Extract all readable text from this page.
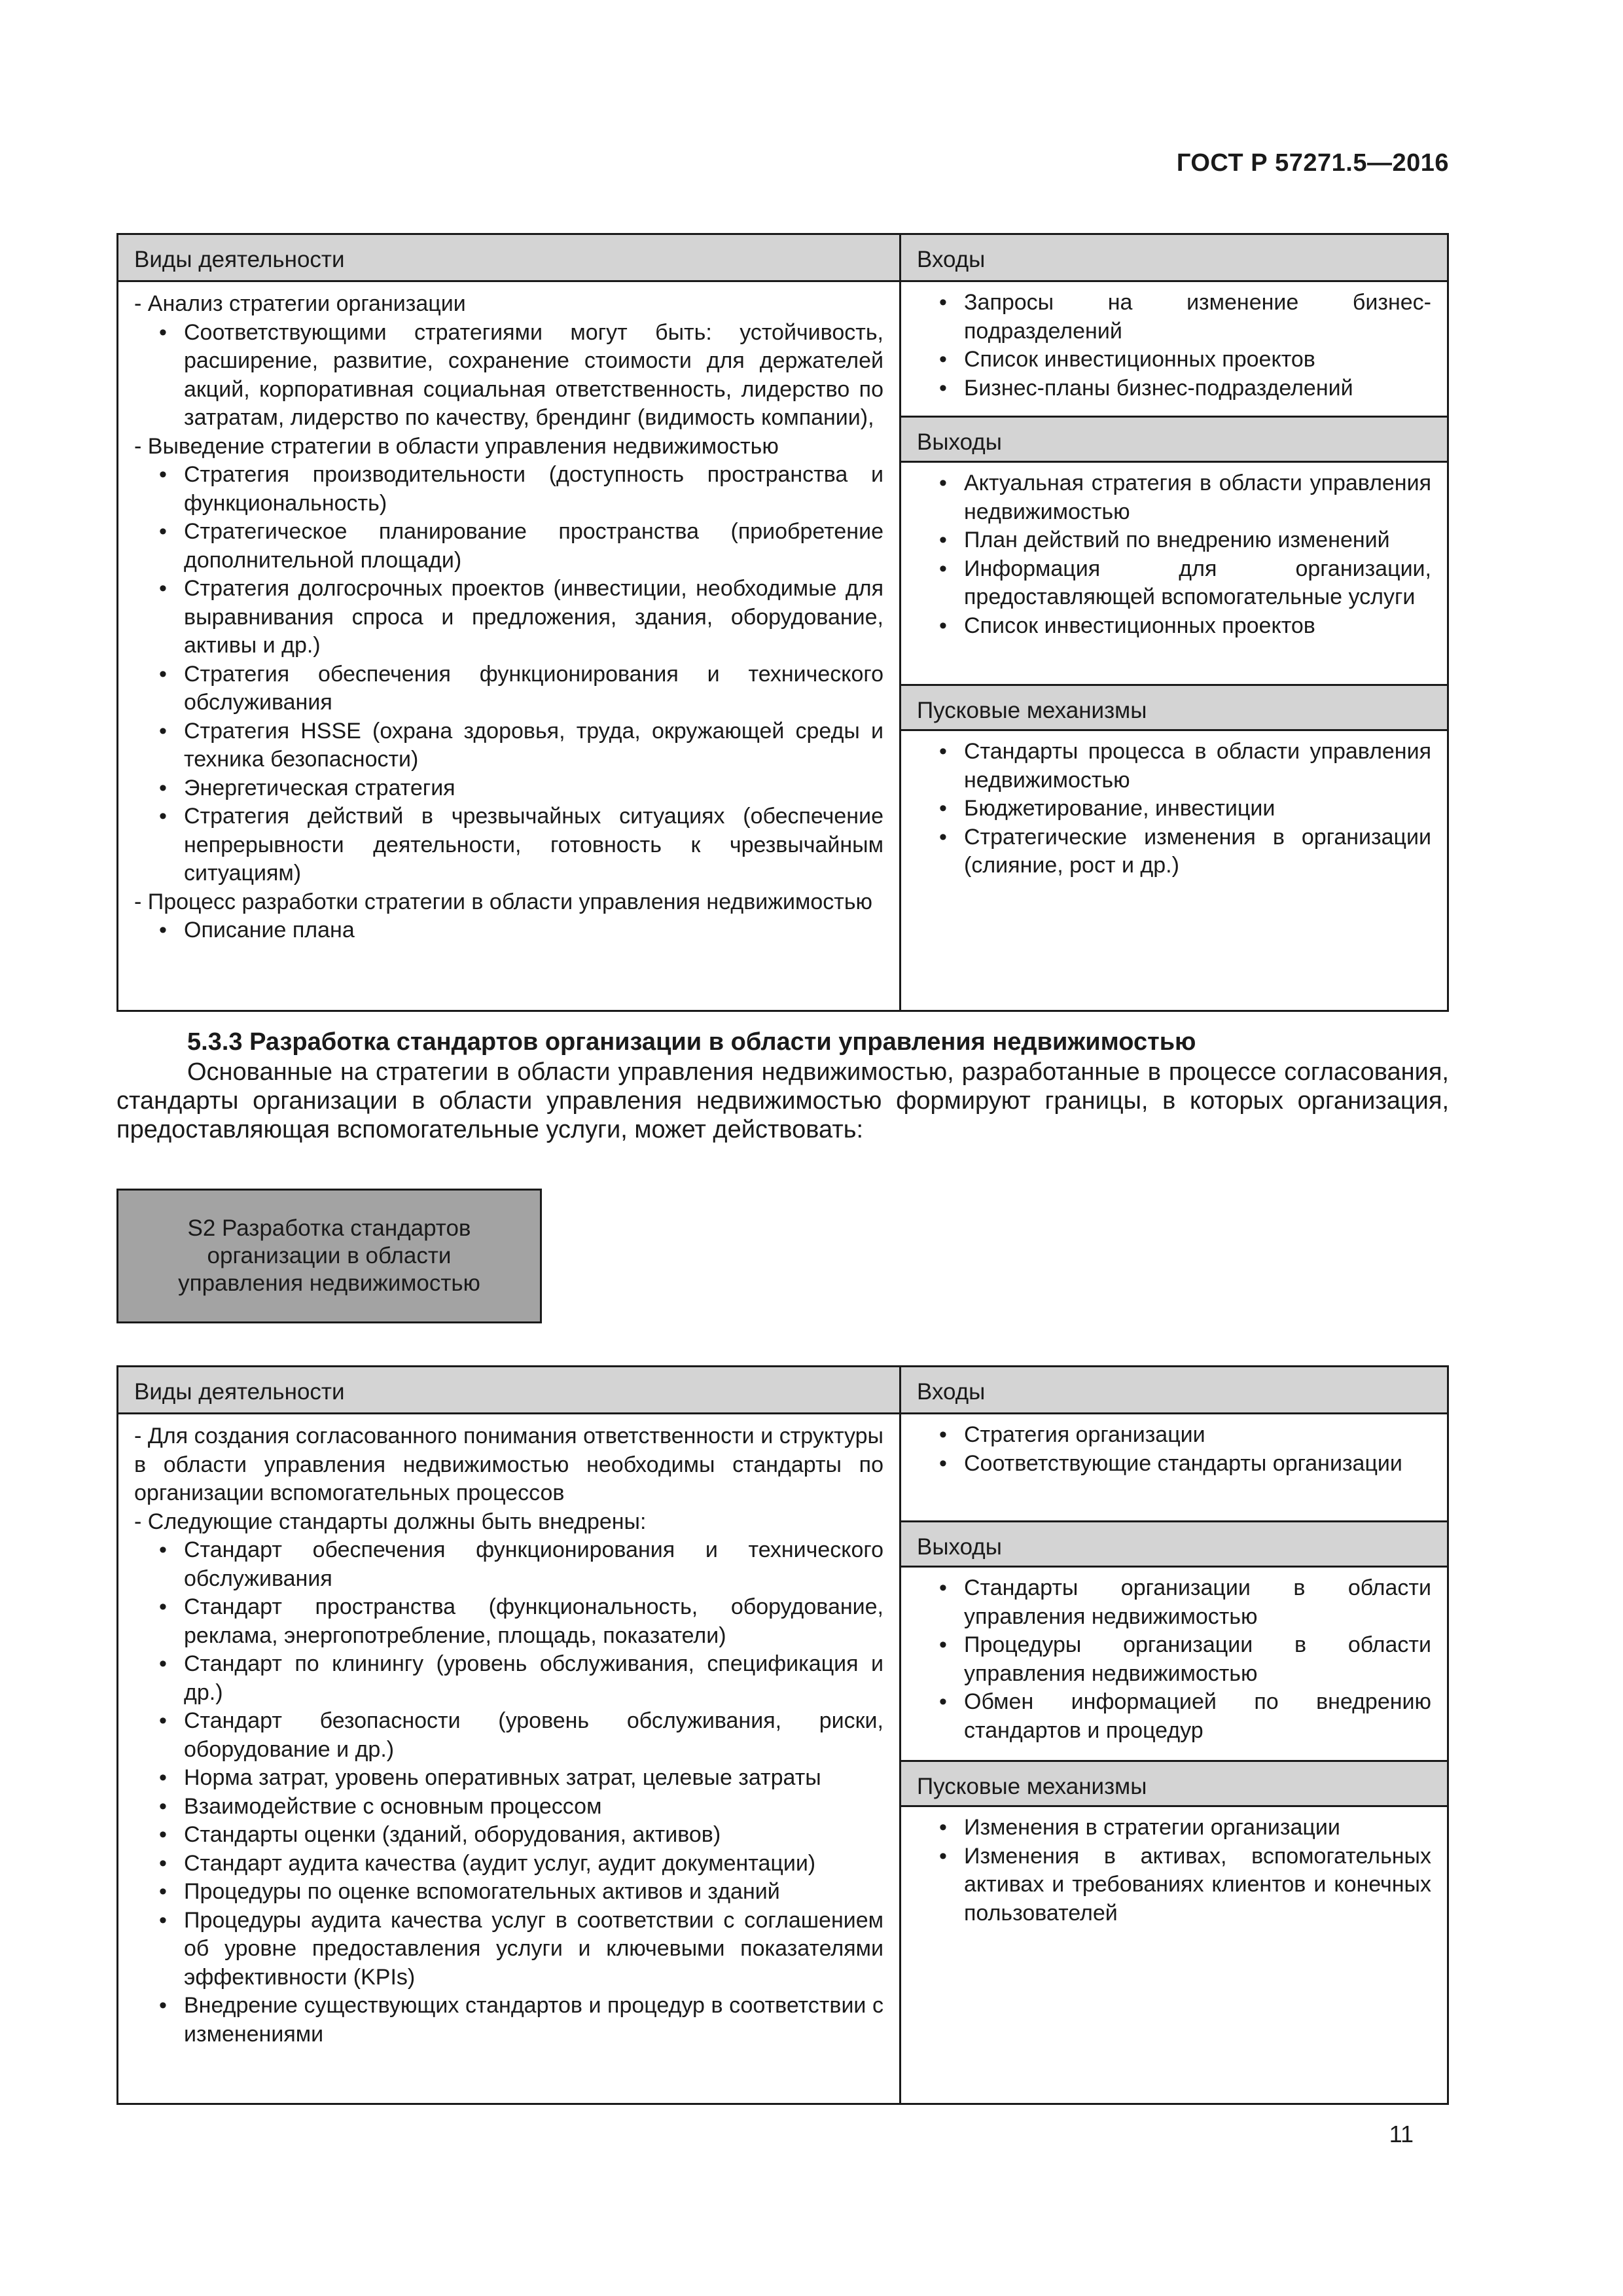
ГОСТ Р 57271.5—2016
Виды деятельности
- Анализ стратегии организации
• Соответствующими стратегиями могут быть: устойчивость, расширение, развитие, сохранение стоимости для держателей акций, корпоративная социальная ответственность, лидерство по затратам, лидерство по качеству, брендинг (видимость компании),
- Выведение стратегии в области управления недвижимостью
• Стратегия производительности (доступность пространства и функциональность)
• Стратегическое планирование пространства (приобретение дополнительной площади)
• Стратегия долгосрочных проектов (инвестиции, необходимые для выравнивания спроса и предложения, здания, оборудование, активы и др.)
• Стратегия обеспечения функционирования и технического обслуживания
• Стратегия HSSE (охрана здоровья, труда, окружающей среды и техника безопасности)
• Энергетическая стратегия
• Стратегия действий в чрезвычайных ситуациях (обеспечение непрерывности деятельности, готовность к чрезвычайным ситуациям)
- Процесс разработки стратегии в области управления недвижимостью
• Описание плана
Входы
• Запросы на изменение бизнес-подразделений
• Список инвестиционных проектов
• Бизнес-планы бизнес-подразделений
Выходы
• Актуальная стратегия в области управления недвижимостью
• План действий по внедрению изменений
• Информация для организации, предоставляющей вспомогательные услуги
• Список инвестиционных проектов
Пусковые механизмы
• Стандарты процесса в области управления недвижимостью
• Бюджетирование, инвестиции
• Стратегические изменения в организации (слияние, рост и др.)
5.3.3 Разработка стандартов организации в области управления недвижимостью
Основанные на стратегии в области управления недвижимостью, разработанные в процессе согласования, стандарты организации в области управления недвижимостью формируют границы, в которых организация, предоставляющая вспомогательные услуги, может действовать:
S2 Разработка стандартов организации в области управления недвижимостью
Виды деятельности
- Для создания согласованного понимания ответственности и структуры в области управления недвижимостью необходимы стандарты по организации вспомогательных процессов
- Следующие стандарты должны быть внедрены:
• Стандарт обеспечения функционирования и технического обслуживания
• Стандарт пространства (функциональность, оборудование, реклама, энергопотребление, площадь, показатели)
• Стандарт по клинингу (уровень обслуживания, спецификация и др.)
• Стандарт безопасности (уровень обслуживания, риски, оборудование и др.)
• Норма затрат, уровень оперативных затрат, целевые затраты
• Взаимодействие с основным процессом
• Стандарты оценки (зданий, оборудования, активов)
• Стандарт аудита качества (аудит услуг, аудит документации)
• Процедуры по оценке вспомогательных активов и зданий
• Процедуры аудита качества услуг в соответствии с соглашением об уровне предоставления услуги и ключевыми показателями эффективности (KPIs)
• Внедрение существующих стандартов и процедур в соответствии с изменениями
Входы
• Стратегия организации
• Соответствующие стандарты организации
Выходы
• Стандарты организации в области управления недвижимостью
• Процедуры организации в области управления недвижимостью
• Обмен информацией по внедрению стандартов и процедур
Пусковые механизмы
• Изменения в стратегии организации
• Изменения в активах, вспомогательных активах и требованиях клиентов и конечных пользователей
11
